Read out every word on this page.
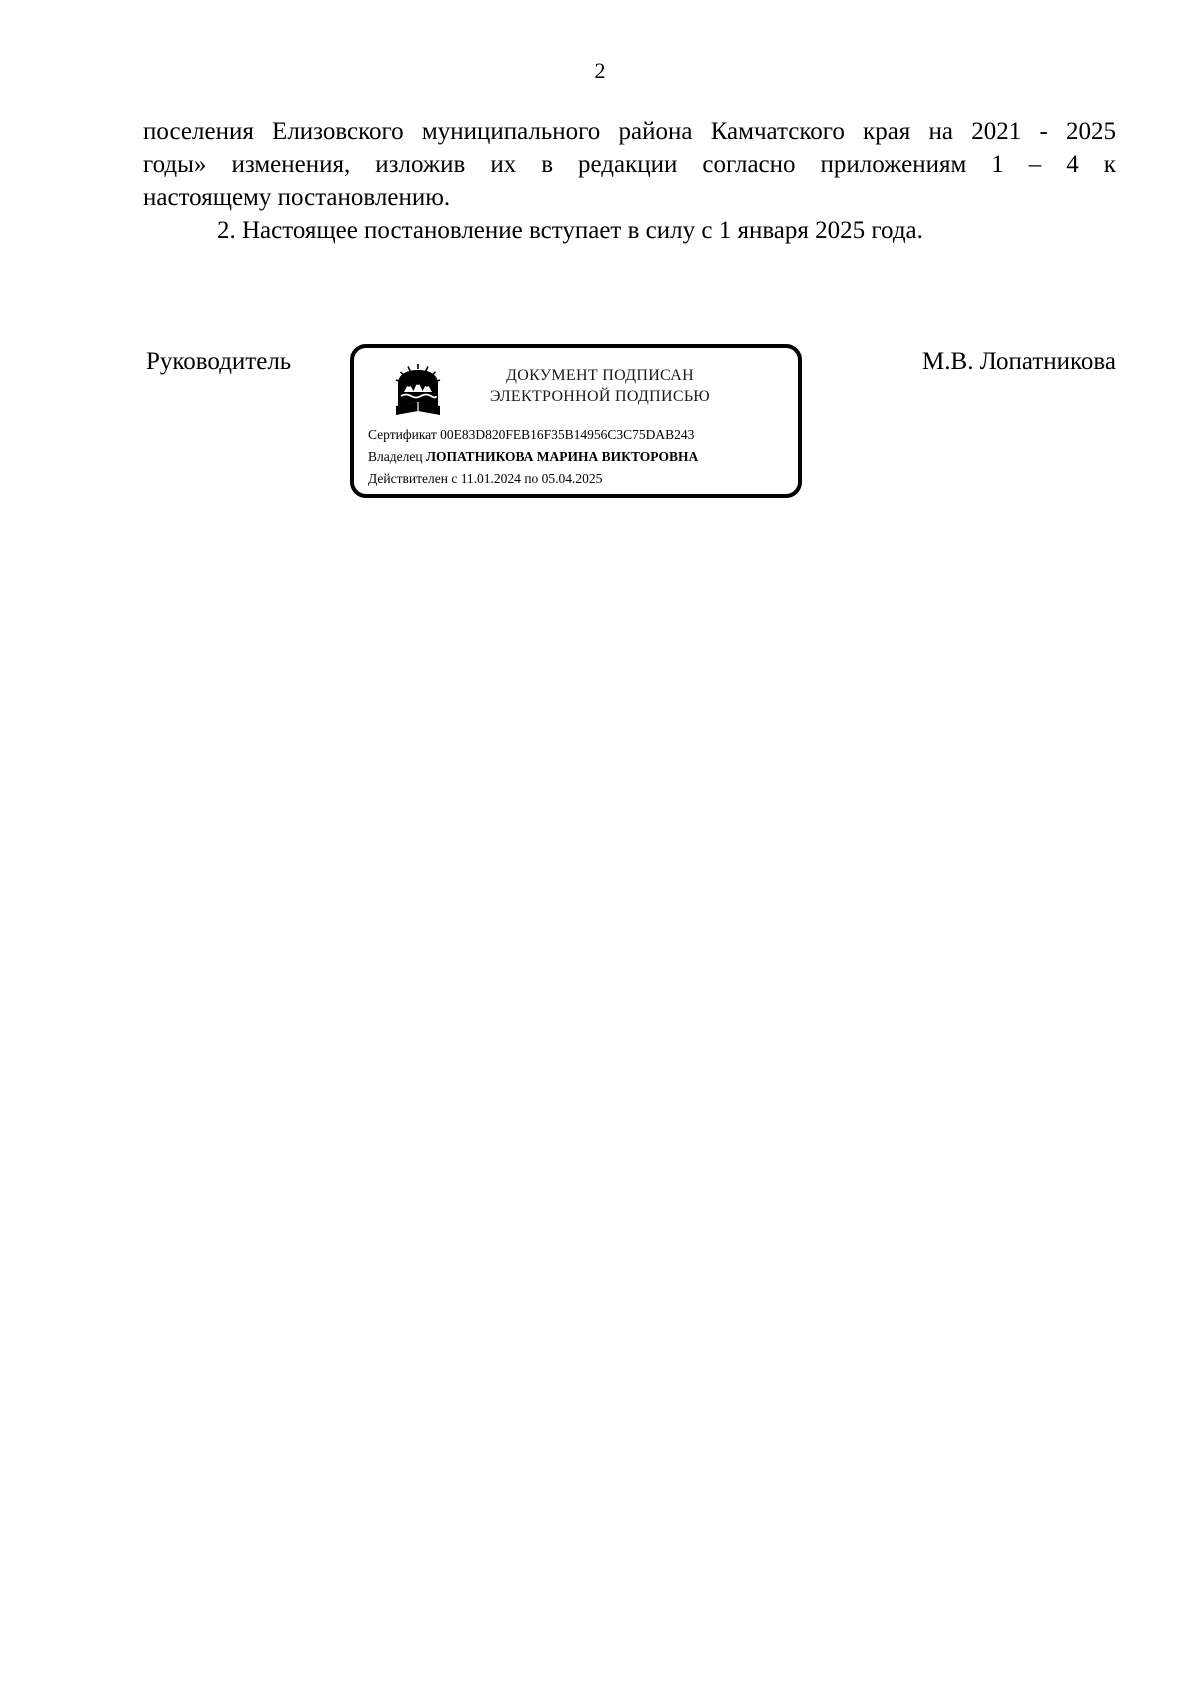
2

поселения Елизовского муниципального района Камчатского края на 2021 - 2025
годы» изменения, изложив их в редакции согласно приложениям 1 – 4 к
настоящему постановлению.

2. Настоящее постановление вступает в силу с 1 января 2025 года.

Руководитель
ДОКУМЕНТ ПОДПИСАН
ЭЛЕКТРОННОЙ ПОДПИСЬЮ
Сертификат 00E83D820FEB16F35B14956C3C75DAB243
Владелец ЛОПАТНИКОВА МАРИНА ВИКТОРОВНА
Действителен с 11.01.2024 по 05.04.2025
М.В. Лопатникова
